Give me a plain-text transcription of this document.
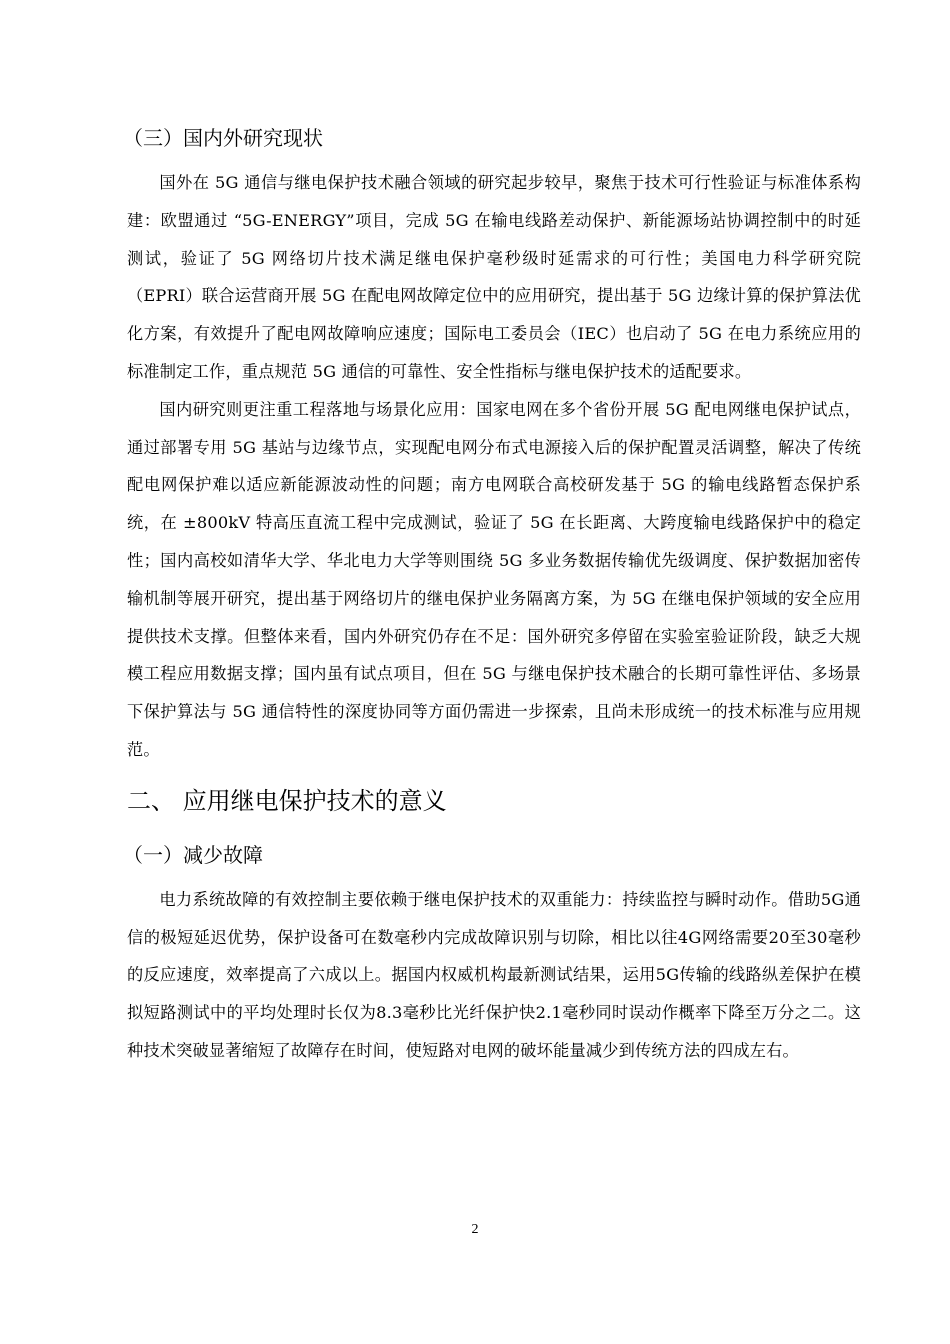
（三）国内外研究现状

国外在 5G 通信与继电保护技术融合领域的研究起步较早，聚焦于技术可行性验证与标准体系构建：欧盟通过 “5G-ENERGY”项目，完成 5G 在输电线路差动保护、新能源场站协调控制中的时延测试，验证了 5G 网络切片技术满足继电保护毫秒级时延需求的可行性；美国电力科学研究院（EPRI）联合运营商开展 5G 在配电网故障定位中的应用研究，提出基于 5G 边缘计算的保护算法优化方案，有效提升了配电网故障响应速度；国际电工委员会（IEC）也启动了 5G 在电力系统应用的标准制定工作，重点规范 5G 通信的可靠性、安全性指标与继电保护技术的适配要求。

国内研究则更注重工程落地与场景化应用：国家电网在多个省份开展 5G 配电网继电保护试点，通过部署专用 5G 基站与边缘节点，实现配电网分布式电源接入后的保护配置灵活调整，解决了传统配电网保护难以适应新能源波动性的问题；南方电网联合高校研发基于 5G 的输电线路暂态保护系统，在 ±800kV 特高压直流工程中完成测试，验证了 5G 在长距离、大跨度输电线路保护中的稳定性；国内高校如清华大学、华北电力大学等则围绕 5G 多业务数据传输优先级调度、保护数据加密传输机制等展开研究，提出基于网络切片的继电保护业务隔离方案，为 5G 在继电保护领域的安全应用提供技术支撑。但整体来看，国内外研究仍存在不足：国外研究多停留在实验室验证阶段，缺乏大规模工程应用数据支撑；国内虽有试点项目，但在 5G 与继电保护技术融合的长期可靠性评估、多场景下保护算法与 5G 通信特性的深度协同等方面仍需进一步探索，且尚未形成统一的技术标准与应用规范。

二、 应用继电保护技术的意义
（一）减少故障

电力系统故障的有效控制主要依赖于继电保护技术的双重能力：持续监控与瞬时动作。借助5G通信的极短延迟优势，保护设备可在数毫秒内完成故障识别与切除，相比以往4G网络需要20至30毫秒的反应速度，效率提高了六成以上。据国内权威机构最新测试结果，运用5G传输的线路纵差保护在模拟短路测试中的平均处理时长仅为8.3毫秒比光纤保护快2.1毫秒同时误动作概率下降至万分之二。这种技术突破显著缩短了故障存在时间，使短路对电网的破坏能量减少到传统方法的四成左右。

2
